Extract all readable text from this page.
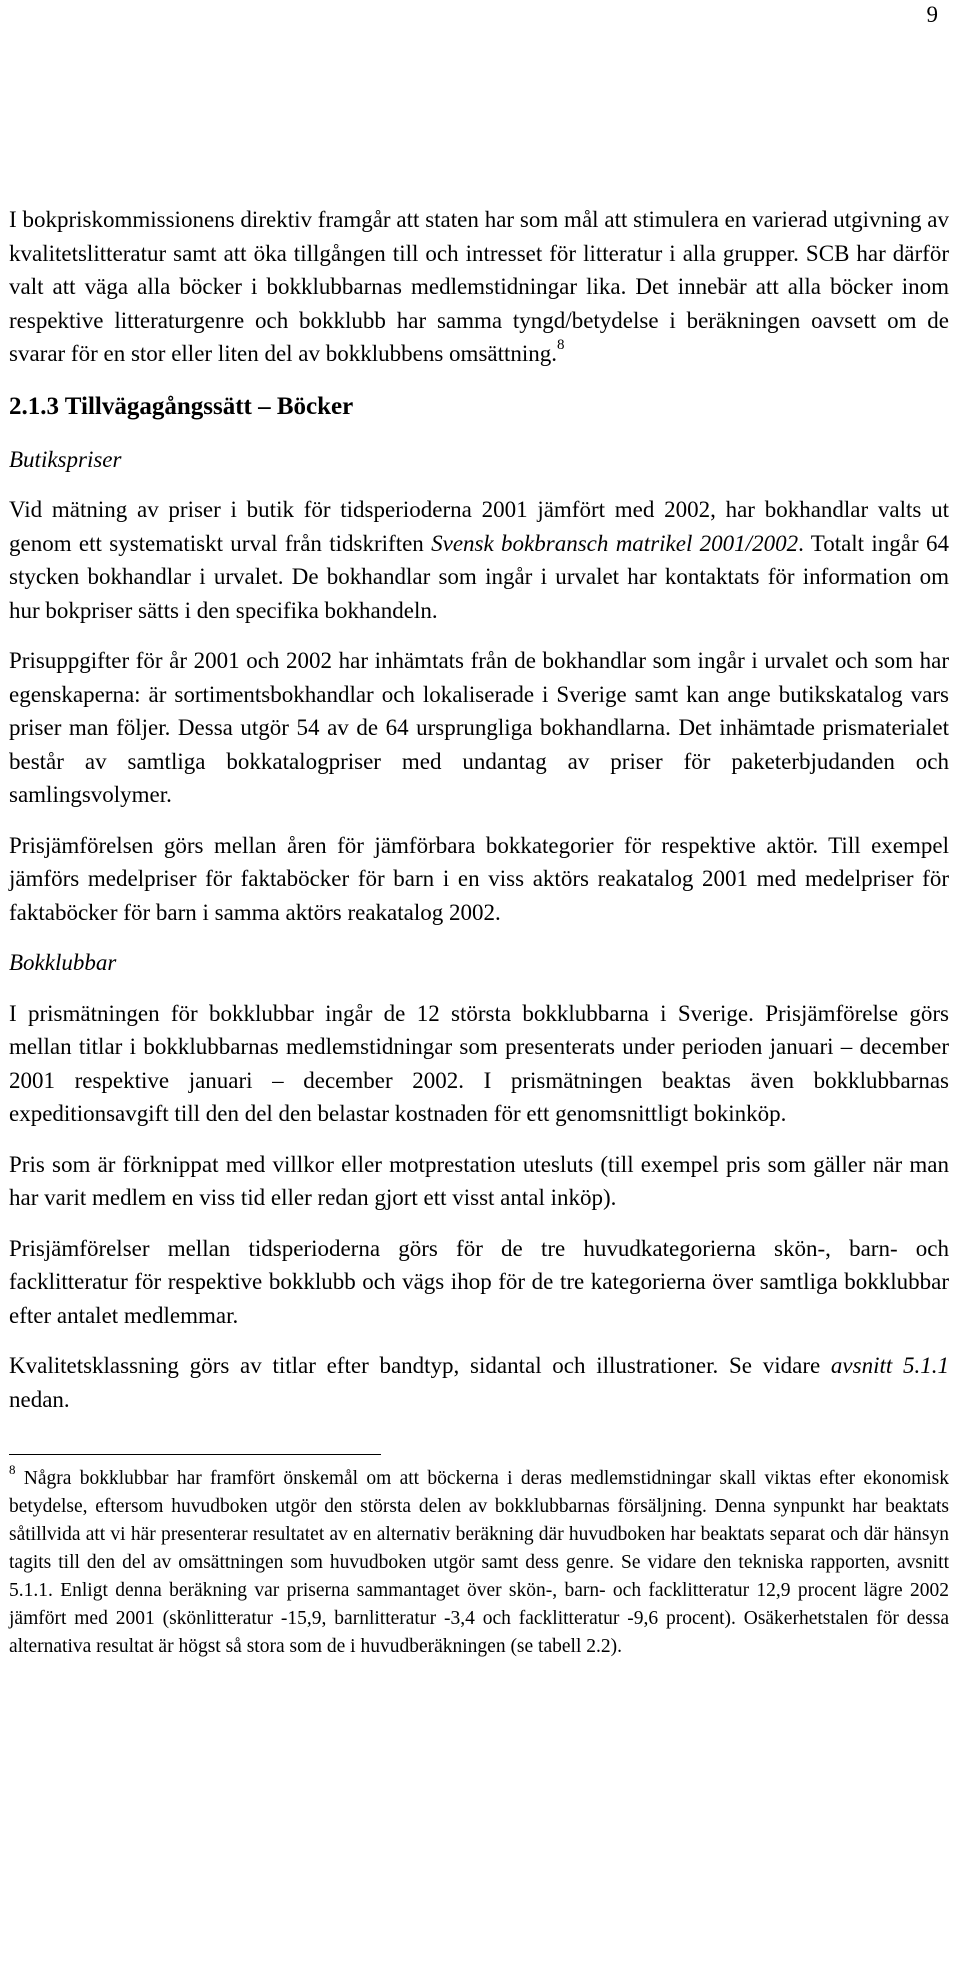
9

I bokpriskommissionens direktiv framgår att staten har som mål att stimulera en varierad utgivning av kvalitetslitteratur samt att öka tillgången till och intresset för litteratur i alla grupper. SCB har därför valt att väga alla böcker i bokklubbarnas medlemstidningar lika. Det innebär att alla böcker inom respektive litteraturgenre och bokklubb har samma tyngd/betydelse i beräkningen oavsett om de svarar för en stor eller liten del av bokklubbens omsättning.$^8$

2.1.3 Tillvägagångssätt – Böcker

Butikspriser

Vid mätning av priser i butik för tidsperioderna 2001 jämfört med 2002, har bokhandlar valts ut genom ett systematiskt urval från tidskriften Svensk bokbransch matrikel 2001/2002. Totalt ingår 64 stycken bokhandlar i urvalet. De bokhandlar som ingår i urvalet har kontaktats för information om hur bokpriser sätts i den specifika bokhandeln.

Prisuppgifter för år 2001 och 2002 har inhämtats från de bokhandlar som ingår i urvalet och som har egenskaperna: är sortimentsbokhandlar och lokaliserade i Sverige samt kan ange butikskatalog vars priser man följer. Dessa utgör 54 av de 64 ursprungliga bokhandlarna. Det inhämtade prismaterialet består av samtliga bokkatalogpriser med undantag av priser för paketerbjudanden och samlingsvolymer.

Prisjämförelsen görs mellan åren för jämförbara bokkategorier för respektive aktör. Till exempel jämförs medelpriser för faktaböcker för barn i en viss aktörs reakatalog 2001 med medelpriser för faktaböcker för barn i samma aktörs reakatalog 2002.

Bokklubbar

I prismätningen för bokklubbar ingår de 12 största bokklubbarna i Sverige. Prisjämförelse görs mellan titlar i bokklubbarnas medlemstidningar som presenterats under perioden januari – december 2001 respektive januari – december 2002. I prismätningen beaktas även bokklubbarnas expeditionsavgift till den del den belastar kostnaden för ett genomsnittligt bokinköp.

Pris som är förknippat med villkor eller motprestation utesluts (till exempel pris som gäller när man har varit medlem en viss tid eller redan gjort ett visst antal inköp).

Prisjämförelser mellan tidsperioderna görs för de tre huvudkategorierna skön-, barn- och facklitteratur för respektive bokklubb och vägs ihop för de tre kategorierna över samtliga bokklubbar efter antalet medlemmar.

Kvalitetsklassning görs av titlar efter bandtyp, sidantal och illustrationer. Se vidare avsnitt 5.1.1 nedan.

$^8$ Några bokklubbar har framfört önskemål om att böckerna i deras medlemstidningar skall viktas efter ekonomisk betydelse, eftersom huvudboken utgör den största delen av bokklubbarnas försäljning. Denna synpunkt har beaktats såtillvida att vi här presenterar resultatet av en alternativ beräkning där huvudboken har beaktats separat och där hänsyn tagits till den del av omsättningen som huvudboken utgör samt dess genre. Se vidare den tekniska rapporten, avsnitt 5.1.1. Enligt denna beräkning var priserna sammantaget över skön-, barn- och facklitteratur 12,9 procent lägre 2002 jämfört med 2001 (skönlitteratur -15,9, barnlitteratur -3,4 och facklitteratur -9,6 procent). Osäkerhetstalen för dessa alternativa resultat är högst så stora som de i huvudberäkningen (se tabell 2.2).
